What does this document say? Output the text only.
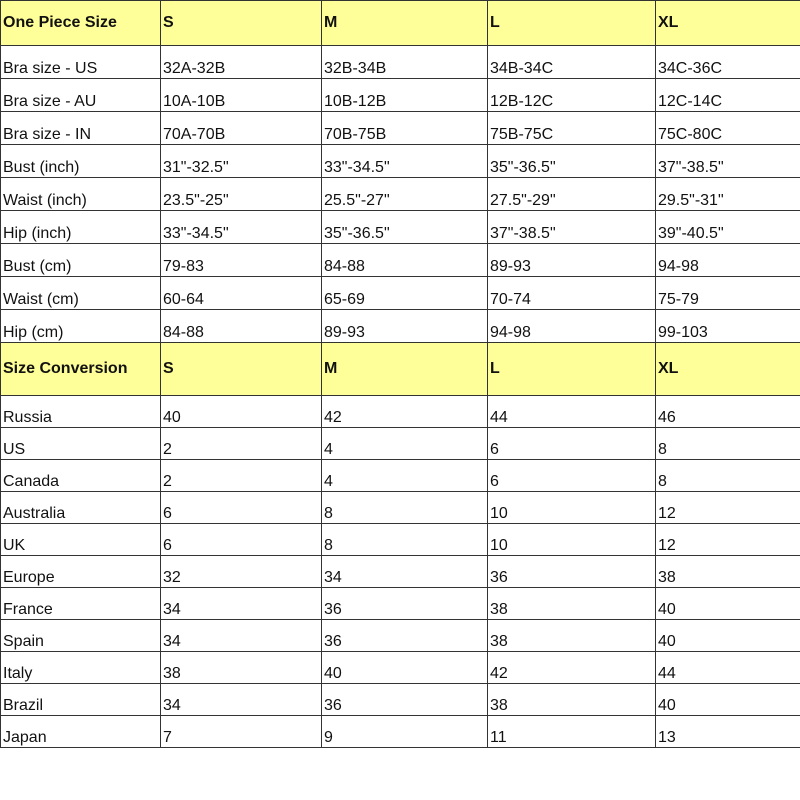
One Piece Size	S	M	L	XL
Bra size - US	32A-32B	32B-34B	34B-34C	34C-36C
Bra size - AU	10A-10B	10B-12B	12B-12C	12C-14C
Bra size - IN	70A-70B	70B-75B	75B-75C	75C-80C
Bust (inch)	31"-32.5"	33"-34.5"	35"-36.5"	37"-38.5"
Waist (inch)	23.5"-25"	25.5"-27"	27.5"-29"	29.5"-31"
Hip (inch)	33"-34.5"	35"-36.5"	37"-38.5"	39"-40.5"
Bust (cm)	79-83	84-88	89-93	94-98
Waist (cm)	60-64	65-69	70-74	75-79
Hip (cm)	84-88	89-93	94-98	99-103
Size Conversion	S	M	L	XL
Russia	40	42	44	46
US	2	4	6	8
Canada	2	4	6	8
Australia	6	8	10	12
UK	6	8	10	12
Europe	32	34	36	38
France	34	36	38	40
Spain	34	36	38	40
Italy	38	40	42	44
Brazil	34	36	38	40
Japan	7	9	11	13
